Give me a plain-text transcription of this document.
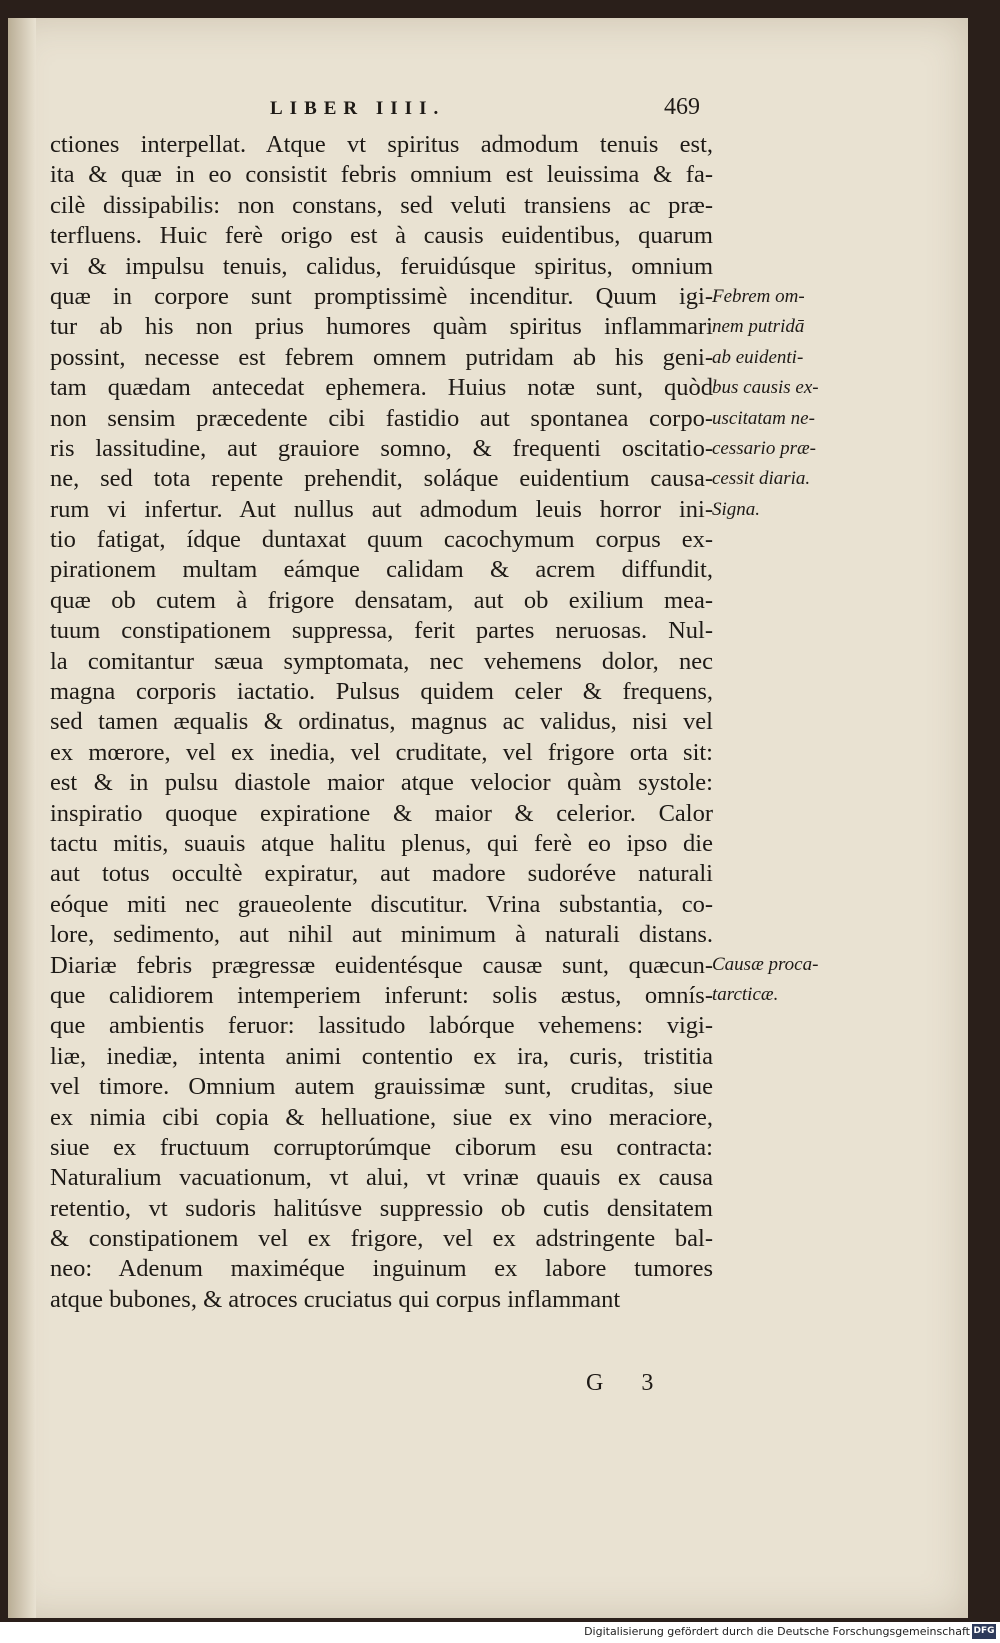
LIBER IIII.	469
ctiones interpellat. Atque vt spiritus admodum tenuis est,
ita & quæ in eo consistit febris omnium est leuissima & fa-
cilè dissipabilis: non constans, sed veluti transiens ac præ-
terfluens. Huic ferè origo est à causis euidentibus, quarum
vi & impulsu tenuis, calidus, feruidúsque spiritus, omnium
quæ in corpore sunt promptissimè incenditur. Quum igi-
tur ab his non prius humores quàm spiritus inflammari
possint, necesse est febrem omnem putridam ab his geni-
tam quædam antecedat ephemera. Huius notæ sunt, quòd
non sensim præcedente cibi fastidio aut spontanea corpo-
ris lassitudine, aut grauiore somno, & frequenti oscitatio-
ne, sed tota repente prehendit, soláque euidentium causa-
rum vi infertur. Aut nullus aut admodum leuis horror ini-
tio fatigat, ídque duntaxat quum cacochymum corpus ex-
pirationem multam eámque calidam & acrem diffundit,
quæ ob cutem à frigore densatam, aut ob exilium mea-
tuum constipationem suppressa, ferit partes neruosas. Nul-
la comitantur sæua symptomata, nec vehemens dolor, nec
magna corporis iactatio. Pulsus quidem celer & frequens,
sed tamen æqualis & ordinatus, magnus ac validus, nisi vel
ex mœrore, vel ex inedia, vel cruditate, vel frigore orta sit:
est & in pulsu diastole maior atque velocior quàm systole:
inspiratio quoque expiratione & maior & celerior. Calor
tactu mitis, suauis atque halitu plenus, qui ferè eo ipso die
aut totus occultè expiratur, aut madore sudoréve naturali
eóque miti nec graueolente discutitur. Vrina substantia, co-
lore, sedimento, aut nihil aut minimum à naturali distans.
Diariæ febris prægressæ euidentésque causæ sunt, quæcun-
que calidiorem intemperiem inferunt: solis æstus, omnís-
que ambientis feruor: lassitudo labórque vehemens: vigi-
liæ, inediæ, intenta animi contentio ex ira, curis, tristitia
vel timore. Omnium autem grauissimæ sunt, cruditas, siue
ex nimia cibi copia & helluatione, siue ex vino meraciore,
siue ex fructuum corruptorúmque ciborum esu contracta:
Naturalium vacuationum, vt alui, vt vrinæ quauis ex causa
retentio, vt sudoris halitúsve suppressio ob cutis densitatem
& constipationem vel ex frigore, vel ex adstringente bal-
neo: Adenum maximéque inguinum ex labore tumores
atque bubones, & atroces cruciatus qui corpus inflammant
Febrem om-
nem putridā
ab euidenti-
bus causis ex-
uscitatam ne-
cessario præ-
cessit diaria.
Signa.
Causæ proca-
tarcticæ.
G 3
Digitalisierung gefördert durch die Deutsche Forschungsgemeinschaft DFG
